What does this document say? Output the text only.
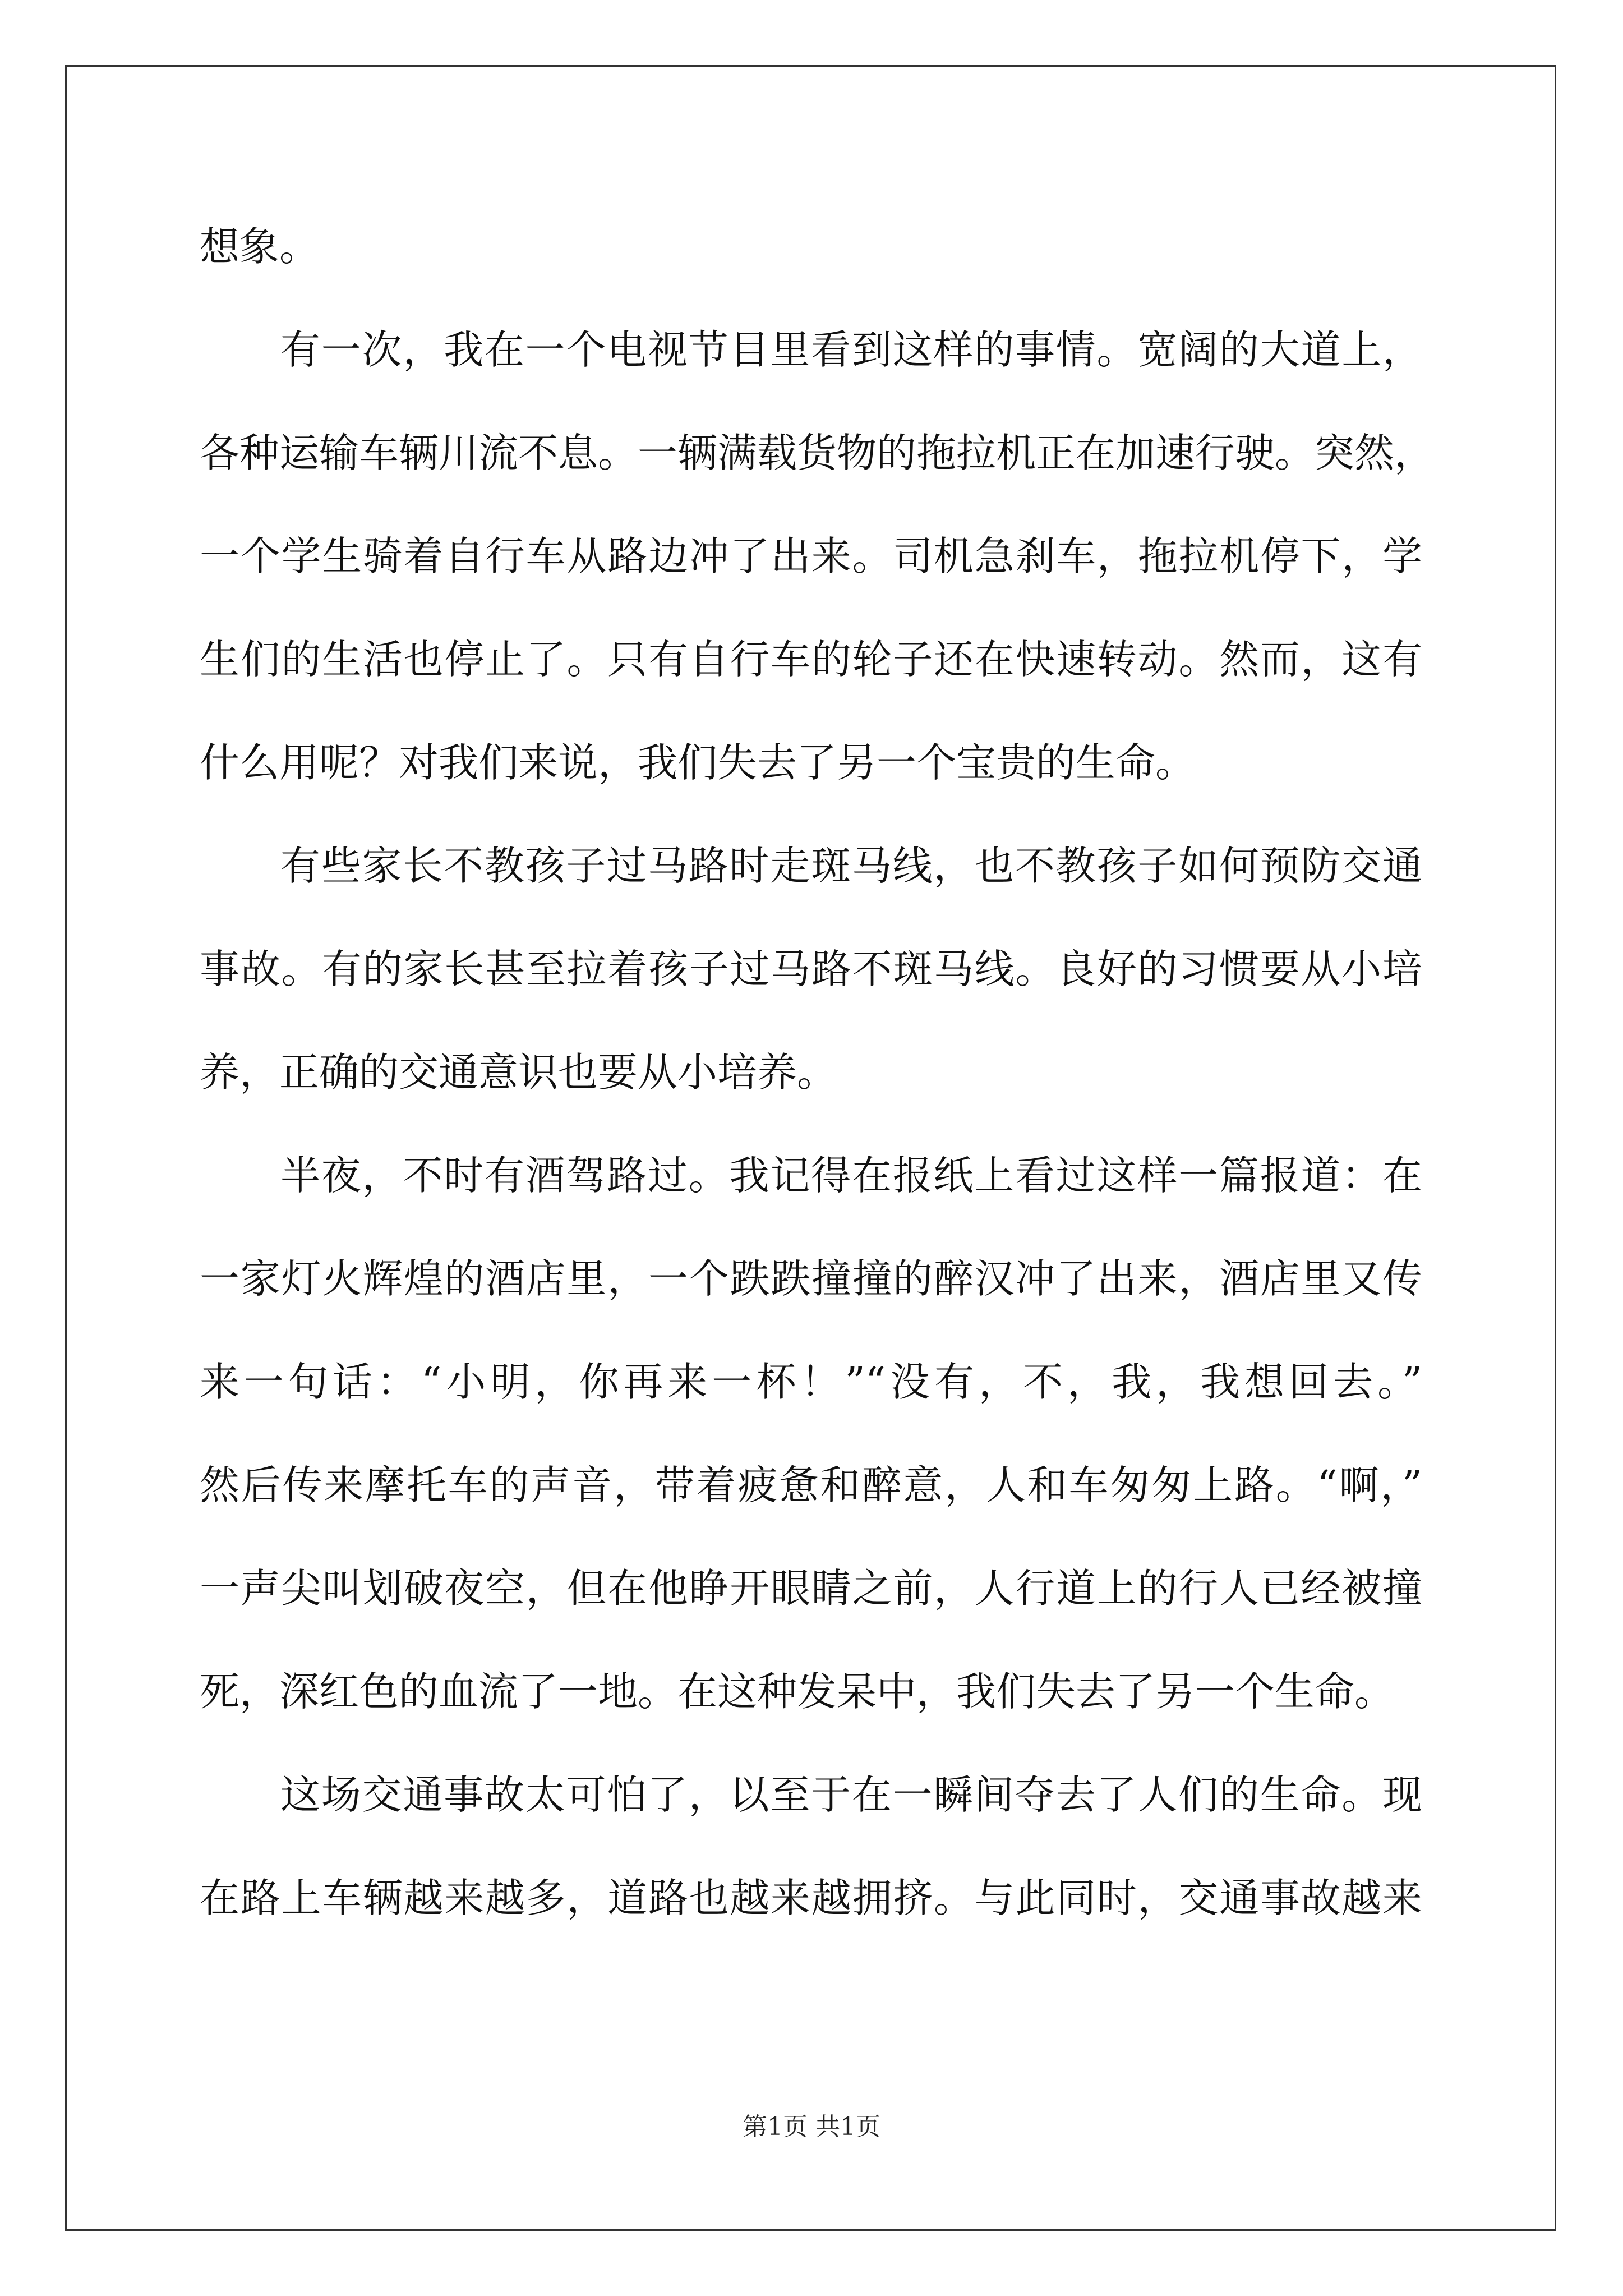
想象。
有一次，我在一个电视节目里看到这样的事情。宽阔的大道上，
各种运输车辆川流不息。一辆满载货物的拖拉机正在加速行驶。突然，
一个学生骑着自行车从路边冲了出来。司机急刹车，拖拉机停下，学
生们的生活也停止了。只有自行车的轮子还在快速转动。然而，这有
什么用呢？对我们来说，我们失去了另一个宝贵的生命。
有些家长不教孩子过马路时走斑马线，也不教孩子如何预防交通
事故。有的家长甚至拉着孩子过马路不斑马线。良好的习惯要从小培
养，正确的交通意识也要从小培养。
半夜，不时有酒驾路过。我记得在报纸上看过这样一篇报道：在
一家灯火辉煌的酒店里，一个跌跌撞撞的醉汉冲了出来，酒店里又传
来一句话：“小明，你再来一杯！”“没有，不，我，我想回去。”
然后传来摩托车的声音，带着疲惫和醉意，人和车匆匆上路。“啊，”
一声尖叫划破夜空，但在他睁开眼睛之前，人行道上的行人已经被撞
死，深红色的血流了一地。在这种发呆中，我们失去了另一个生命。
这场交通事故太可怕了，以至于在一瞬间夺去了人们的生命。现
在路上车辆越来越多，道路也越来越拥挤。与此同时，交通事故越来
第1页 共1页
